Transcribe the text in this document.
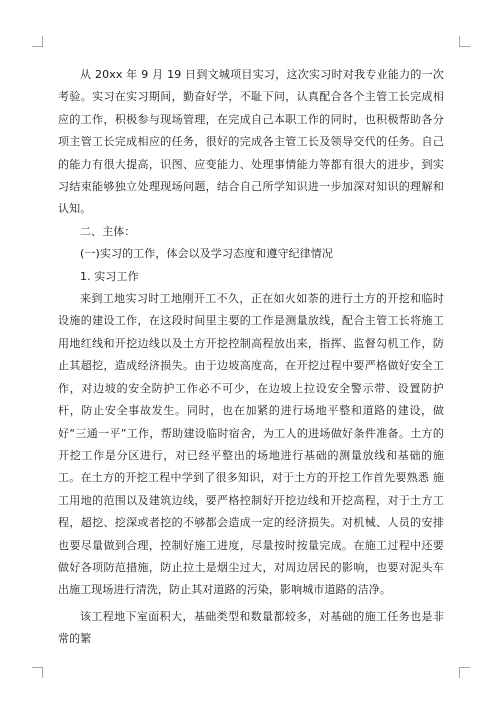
从 20xx 年 9 月 19 日到文城项目实习，这次实习时对我专业能力的一次考验。实习在实习期间，勤奋好学，不耻下问，认真配合各个主管工长完成相应的工作，积极参与现场管理，在完成自己本职工作的同时，也积极帮助各分项主管工长完成相应的任务，很好的完成各主管工长及领导交代的任务。自己的能力有很大提高，识图、应变能力、处理事情能力等都有很大的进步，到实习结束能够独立处理现场问题，结合自己所学知识进一步加深对知识的理解和认知。

二、主体：

(一)实习的工作，体会以及学习态度和遵守纪律情况

1. 实习工作

来到工地实习时工地刚开工不久，正在如火如荼的进行土方的开挖和临时设施的建设工作，在这段时间里主要的工作是测量放线，配合主管工长将施工用地红线和开挖边线以及土方开挖控制高程放出来，指挥、监督勾机工作，防止其超挖，造成经济损失。由于边坡高度高，在开挖过程中要严格做好安全工作，对边坡的安全防护工作必不可少，在边坡上拉设安全警示带、设置防护杆，防止安全事故发生。同时，也在加紧的进行场地平整和道路的建设，做好“三通一平”工作，帮助建设临时宿舍，为工人的进场做好条件准备。土方的开挖工作是分区进行，对已经平整出的场地进行基础的测量放线和基础的施工。在土方的开挖工程中学到了很多知识，对于土方的开挖工作首先要熟悉 施工用地的范围以及建筑边线，要严格控制好开挖边线和开挖高程，对于土方工程，超挖、挖深或者挖的不够都会造成一定的经济损失。对机械、人员的安排也要尽量做到合理，控制好施工进度，尽量按时按量完成。在施工过程中还要做好各项防范措施，防止拉土是烟尘过大，对周边居民的影响，也要对泥头车出施工现场进行清洗，防止其对道路的污染，影响城市道路的洁净。

该工程地下室面积大，基础类型和数量都较多，对基础的施工任务也是非常的繁
